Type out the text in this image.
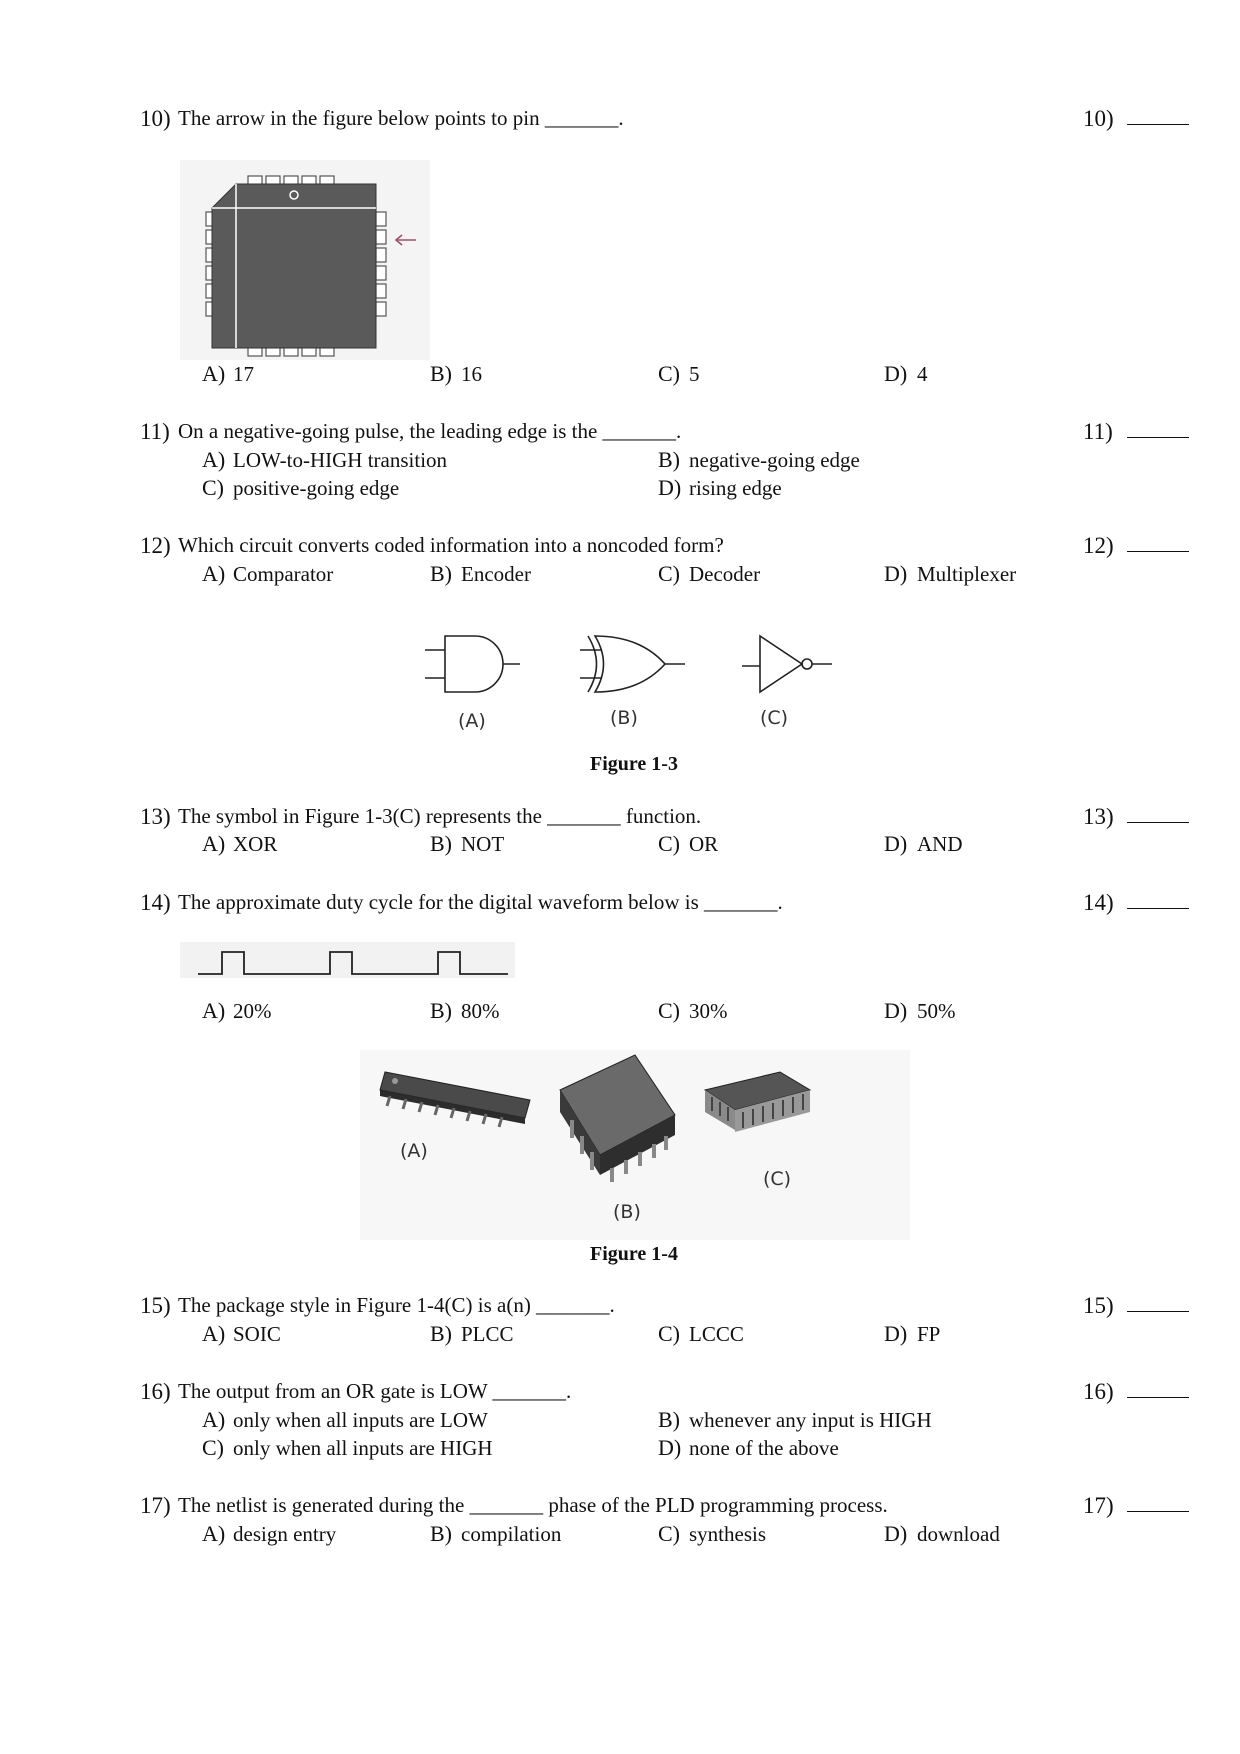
10) The arrow in the figure below points to pin _______.	10)
A) 17	B) 16	C) 5	D) 4
11) On a negative-going pulse, the leading edge is the _______.	11)
A) LOW-to-HIGH transition	B) negative-going edge
C) positive-going edge	D) rising edge
12) Which circuit converts coded information into a noncoded form?	12)
A) Comparator	B) Encoder	C) Decoder	D) Multiplexer
(A)	(B)	(C)
Figure 1-3
13) The symbol in Figure 1-3(C) represents the _______ function.	13)
A) XOR	B) NOT	C) OR	D) AND
14) The approximate duty cycle for the digital waveform below is _______.	14)
A) 20%	B) 80%	C) 30%	D) 50%
(A)
(B)
(C)
Figure 1-4
15) The package style in Figure 1-4(C) is a(n) _______.	15)
A) SOIC	B) PLCC	C) LCCC	D) FP
16) The output from an OR gate is LOW _______.	16)
A) only when all inputs are LOW	B) whenever any input is HIGH
C) only when all inputs are HIGH	D) none of the above
17) The netlist is generated during the _______ phase of the PLD programming process.	17)
A) design entry	B) compilation	C) synthesis	D) download
